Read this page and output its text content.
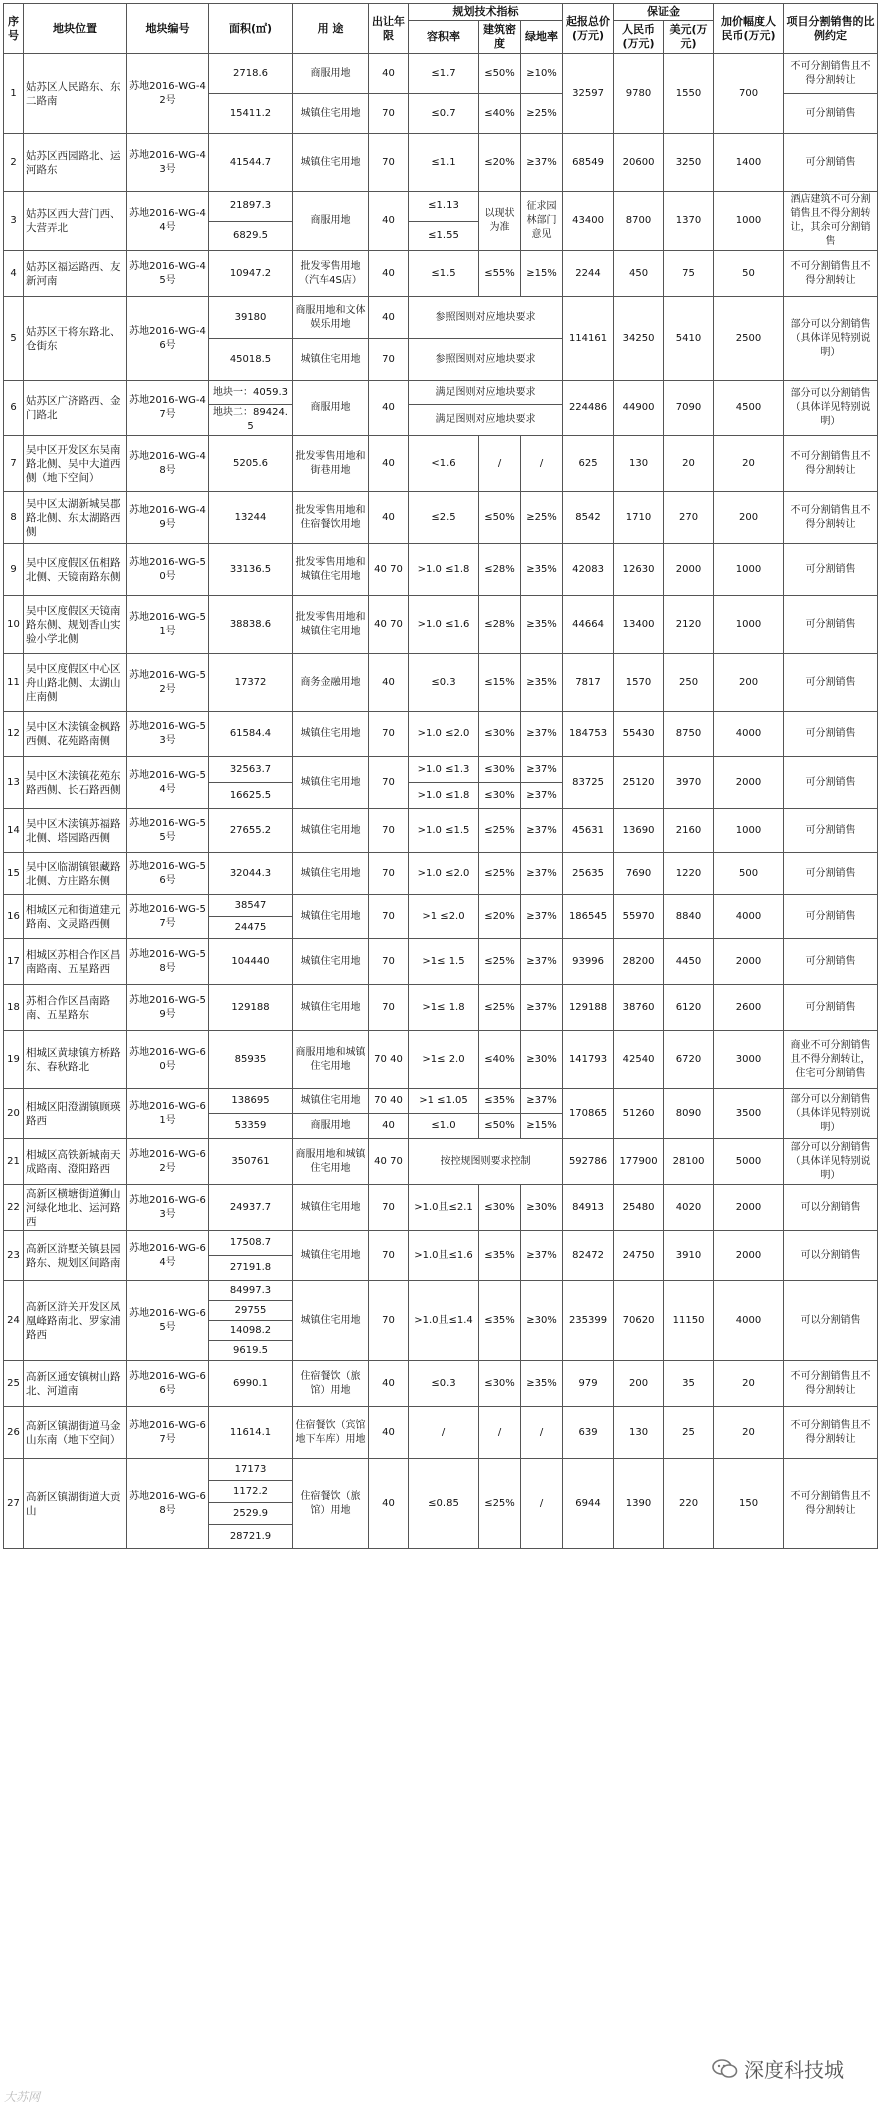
序号	地块位置	地块编号	面积(㎡)	用 途	出让年限	规划技术指标			起报总价(万元)	保证金		加价幅度人民币(万元)	项目分割销售的比例约定
						容积率	建筑密度	绿地率		人民币(万元)	美元(万元)		
1	姑苏区人民路东、东二路南	苏地2016-WG-42号	2718.6	商服用地	40	≤1.7	≤50%	≥10%	32597	9780	1550	700	不可分割销售且不得分割转让
			15411.2	城镇住宅用地	70	≤0.7	≤40%	≥25%					可分割销售
2	姑苏区西园路北、运河路东	苏地2016-WG-43号	41544.7	城镇住宅用地	70	≤1.1	≤20%	≥37%	68549	20600	3250	1400	可分割销售
3	姑苏区西大营门西、大营弄北	苏地2016-WG-44号	21897.3	商服用地	40	≤1.13	以现状为准	征求园林部门意见	43400	8700	1370	1000	酒店建筑不可分割销售且不得分割转让，其余可分割销售
			6829.5			≤1.55							
4	姑苏区福运路西、友新河南	苏地2016-WG-45号	10947.2	批发零售用地（汽车4S店）	40	≤1.5	≤55%	≥15%	2244	450	75	50	不可分割销售且不得分割转让
5	姑苏区干将东路北、仓街东	苏地2016-WG-46号	39180	商服用地和文体娱乐用地	40	参照图则对应地块要求			114161	34250	5410	2500	部分可以分割销售（具体详见特别说明）
			45018.5	城镇住宅用地	70	参照图则对应地块要求							
6	姑苏区广济路西、金门路北	苏地2016-WG-47号	地块一：4059.3	商服用地	40	满足图则对应地块要求			224486	44900	7090	4500	部分可以分割销售（具体详见特别说明）
			地块二：89424.5			满足图则对应地块要求							
7	吴中区开发区东吴南路北侧、吴中大道西侧（地下空间）	苏地2016-WG-48号	5205.6	批发零售用地和街巷用地	40	<1.6	/	/	625	130	20	20	不可分割销售且不得分割转让
8	吴中区太湖新城吴郡路北侧、东太湖路西侧	苏地2016-WG-49号	13244	批发零售用地和住宿餐饮用地	40	≤2.5	≤50%	≥25%	8542	1710	270	200	不可分割销售且不得分割转让
9	吴中区度假区伍相路北侧、天镜南路东侧	苏地2016-WG-50号	33136.5	批发零售用地和城镇住宅用地	40 70	>1.0 ≤1.8	≤28%	≥35%	42083	12630	2000	1000	可分割销售
10	吴中区度假区天镜南路东侧、规划香山实验小学北侧	苏地2016-WG-51号	38838.6	批发零售用地和城镇住宅用地	40 70	>1.0 ≤1.6	≤28%	≥35%	44664	13400	2120	1000	可分割销售
11	吴中区度假区中心区舟山路北侧、太湖山庄南侧	苏地2016-WG-52号	17372	商务金融用地	40	≤0.3	≤15%	≥35%	7817	1570	250	200	可分割销售
12	吴中区木渎镇金枫路西侧、花苑路南侧	苏地2016-WG-53号	61584.4	城镇住宅用地	70	>1.0 ≤2.0	≤30%	≥37%	184753	55430	8750	4000	可分割销售
13	吴中区木渎镇花苑东路西侧、长石路西侧	苏地2016-WG-54号	32563.7	城镇住宅用地	70	>1.0 ≤1.3	≤30%	≥37%	83725	25120	3970	2000	可分割销售
			16625.5			>1.0 ≤1.8	≤30%	≥37%					
14	吴中区木渎镇苏福路北侧、塔园路西侧	苏地2016-WG-55号	27655.2	城镇住宅用地	70	>1.0 ≤1.5	≤25%	≥37%	45631	13690	2160	1000	可分割销售
15	吴中区临湖镇银藏路北侧、方庄路东侧	苏地2016-WG-56号	32044.3	城镇住宅用地	70	>1.0 ≤2.0	≤25%	≥37%	25635	7690	1220	500	可分割销售
16	相城区元和街道建元路南、文灵路西侧	苏地2016-WG-57号	38547	城镇住宅用地	70	>1 ≤2.0	≤20%	≥37%	186545	55970	8840	4000	可分割销售
			24475										
17	相城区苏相合作区昌南路南、五星路西	苏地2016-WG-58号	104440	城镇住宅用地	70	>1≤ 1.5	≤25%	≥37%	93996	28200	4450	2000	可分割销售
18	苏相合作区昌南路南、五星路东	苏地2016-WG-59号	129188	城镇住宅用地	70	>1≤ 1.8	≤25%	≥37%	129188	38760	6120	2600	可分割销售
19	相城区黄埭镇方桥路东、春秋路北	苏地2016-WG-60号	85935	商服用地和城镇住宅用地	70 40	>1≤ 2.0	≤40%	≥30%	141793	42540	6720	3000	商业不可分割销售且不得分割转让，住宅可分割销售
20	相城区阳澄湖镇顾瑛路西	苏地2016-WG-61号	138695	城镇住宅用地	70 40	>1 ≤1.05	≤35%	≥37%	170865	51260	8090	3500	部分可以分割销售（具体详见特别说明）
			53359	商服用地	40	≤1.0	≤50%	≥15%					
21	相城区高铁新城南天成路南、澄阳路西	苏地2016-WG-62号	350761	商服用地和城镇住宅用地	40 70	按控规图则要求控制			592786	177900	28100	5000	部分可以分割销售（具体详见特别说明）
22	高新区横塘街道狮山河绿化地北、运河路西	苏地2016-WG-63号	24937.7	城镇住宅用地	70	>1.0且≤2.1	≤30%	≥30%	84913	25480	4020	2000	可以分割销售
23	高新区浒墅关镇县园路东、规划区间路南	苏地2016-WG-64号	17508.7	城镇住宅用地	70	>1.0且≤1.6	≤35%	≥37%	82472	24750	3910	2000	可以分割销售
			27191.8										
24	高新区浒关开发区凤凰峰路南北、罗家浦路西	苏地2016-WG-65号	84997.3	城镇住宅用地	70	>1.0且≤1.4	≤35%	≥30%	235399	70620	11150	4000	可以分割销售
			29755										
			14098.2										
			9619.5										
25	高新区通安镇树山路北、河道南	苏地2016-WG-66号	6990.1	住宿餐饮（旅馆）用地	40	≤0.3	≤30%	≥35%	979	200	35	20	不可分割销售且不得分割转让
26	高新区镇湖街道马金山东南（地下空间）	苏地2016-WG-67号	11614.1	住宿餐饮（宾馆地下车库）用地	40	/	/	/	639	130	25	20	不可分割销售且不得分割转让
27	高新区镇湖街道大贡山	苏地2016-WG-68号	17173	住宿餐饮（旅馆）用地	40	≤0.85	≤25%	/	6944	1390	220	150	不可分割销售且不得分割转让
			1172.2										
			2529.9										
			28721.9										
大苏网
深度科技城
